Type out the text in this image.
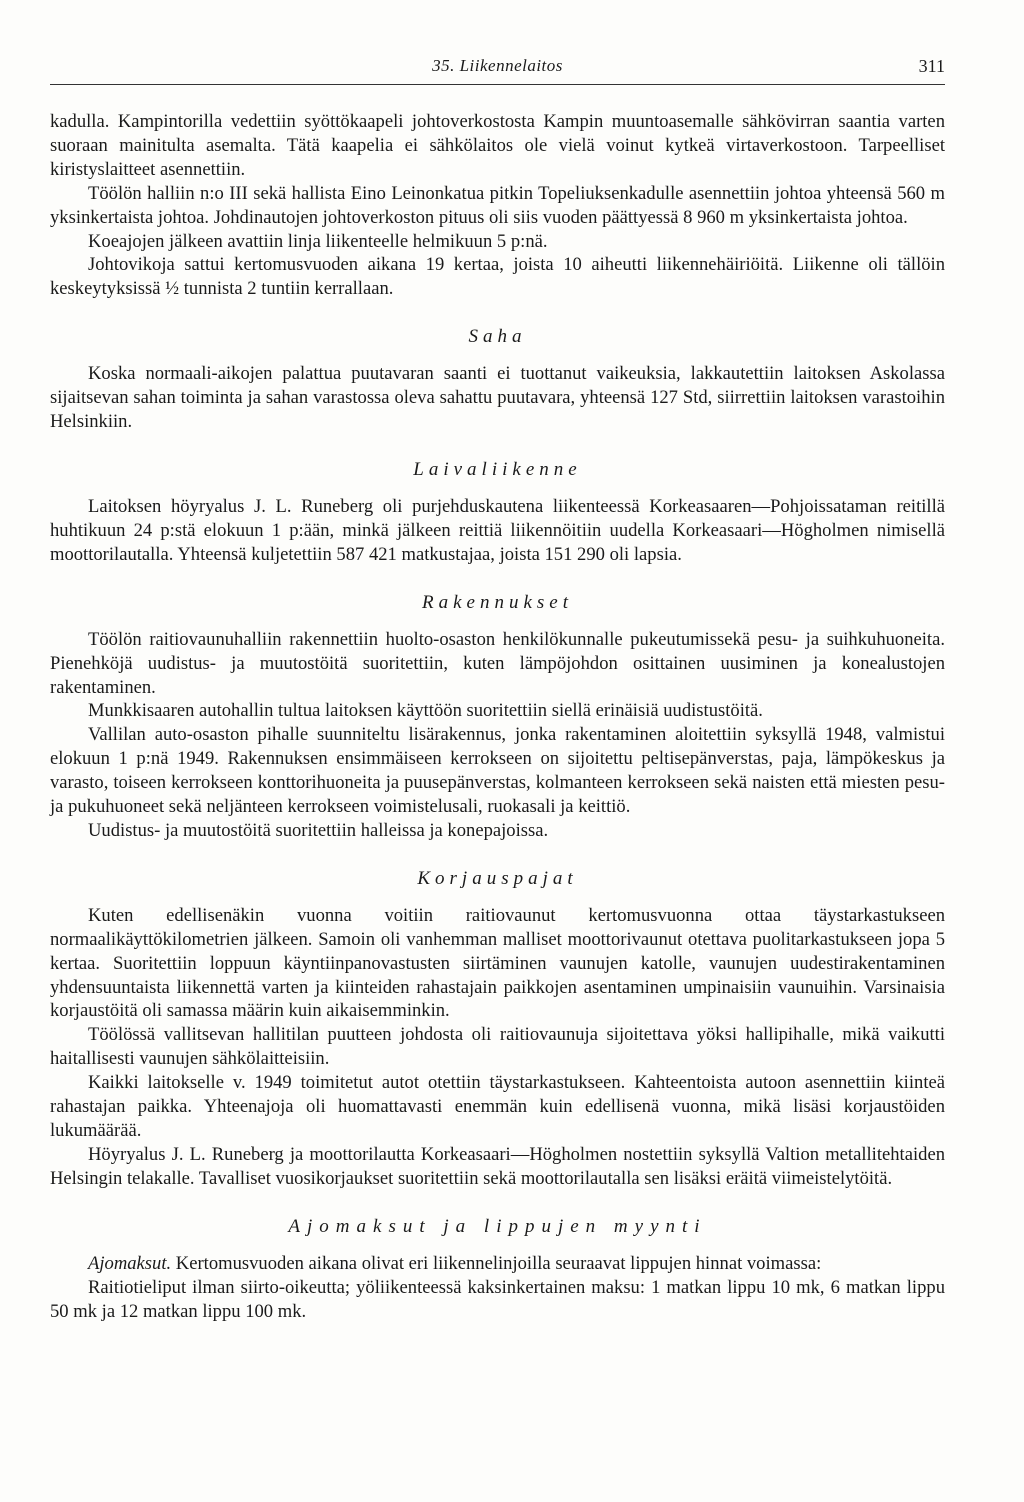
35. Liikennelaitos	311

kadulla. Kampintorilla vedettiin syöttökaapeli johtoverkostosta Kampin muuntoasemalle sähkövirran saantia varten suoraan mainitulta asemalta. Tätä kaapelia ei sähkölaitos ole vielä voinut kytkeä virtaverkostoon. Tarpeelliset kiristyslaitteet asennettiin.

Töölön halliin n:o III sekä hallista Eino Leinonkatua pitkin Topeliuksenkadulle asennettiin johtoa yhteensä 560 m yksinkertaista johtoa. Johdinautojen johtoverkoston pituus oli siis vuoden päättyessä 8 960 m yksinkertaista johtoa.

Koeajojen jälkeen avattiin linja liikenteelle helmikuun 5 p:nä.

Johtovikoja sattui kertomusvuoden aikana 19 kertaa, joista 10 aiheutti liikennehäiriöitä. Liikenne oli tällöin keskeytyksissä ½ tunnista 2 tuntiin kerrallaan.

Saha

Koska normaali-aikojen palattua puutavaran saanti ei tuottanut vaikeuksia, lakkautettiin laitoksen Askolassa sijaitsevan sahan toiminta ja sahan varastossa oleva sahattu puutavara, yhteensä 127 Std, siirrettiin laitoksen varastoihin Helsinkiin.

Laivaliikenne

Laitoksen höyryalus J. L. Runeberg oli purjehduskautena liikenteessä Korkeasaaren—Pohjoissataman reitillä huhtikuun 24 p:stä elokuun 1 p:ään, minkä jälkeen reittiä liikennöitiin uudella Korkeasaari—Högholmen nimisellä moottorilautalla. Yhteensä kuljetettiin 587 421 matkustajaa, joista 151 290 oli lapsia.

Rakennukset

Töölön raitiovaunuhalliin rakennettiin huolto-osaston henkilökunnalle pukeutumissekä pesu- ja suihkuhuoneita. Pienehköjä uudistus- ja muutostöitä suoritettiin, kuten lämpöjohdon osittainen uusiminen ja konealustojen rakentaminen.

Munkkisaaren autohallin tultua laitoksen käyttöön suoritettiin siellä erinäisiä uudistustöitä.

Vallilan auto-osaston pihalle suunniteltu lisärakennus, jonka rakentaminen aloitettiin syksyllä 1948, valmistui elokuun 1 p:nä 1949. Rakennuksen ensimmäiseen kerrokseen on sijoitettu peltisepänverstas, paja, lämpökeskus ja varasto, toiseen kerrokseen konttorihuoneita ja puusepänverstas, kolmanteen kerrokseen sekä naisten että miesten pesu- ja pukuhuoneet sekä neljänteen kerrokseen voimistelusali, ruokasali ja keittiö.

Uudistus- ja muutostöitä suoritettiin halleissa ja konepajoissa.

Korjauspajat

Kuten edellisenäkin vuonna voitiin raitiovaunut kertomusvuonna ottaa täystarkastukseen normaalikäyttökilometrien jälkeen. Samoin oli vanhemman malliset moottorivaunut otettava puolitarkastukseen jopa 5 kertaa. Suoritettiin loppuun käyntiinpanovastusten siirtäminen vaunujen katolle, vaunujen uudestirakentaminen yhdensuuntaista liikennettä varten ja kiinteiden rahastajain paikkojen asentaminen umpinaisiin vaunuihin. Varsinaisia korjaustöitä oli samassa määrin kuin aikaisemminkin.

Töölössä vallitsevan hallitilan puutteen johdosta oli raitiovaunuja sijoitettava yöksi hallipihalle, mikä vaikutti haitallisesti vaunujen sähkölaitteisiin.

Kaikki laitokselle v. 1949 toimitetut autot otettiin täystarkastukseen. Kahteentoista autoon asennettiin kiinteä rahastajan paikka. Yhteenajoja oli huomattavasti enemmän kuin edellisenä vuonna, mikä lisäsi korjaustöiden lukumäärää.

Höyryalus J. L. Runeberg ja moottorilautta Korkeasaari—Högholmen nostettiin syksyllä Valtion metallitehtaiden Helsingin telakalle. Tavalliset vuosikorjaukset suoritettiin sekä moottorilautalla sen lisäksi eräitä viimeistelytöitä.

Ajomaksut ja lippujen myynti

Ajomaksut. Kertomusvuoden aikana olivat eri liikennelinjoilla seuraavat lippujen hinnat voimassa:

Raitiotieliput ilman siirto-oikeutta; yöliikenteessä kaksinkertainen maksu: 1 matkan lippu 10 mk, 6 matkan lippu 50 mk ja 12 matkan lippu 100 mk.
